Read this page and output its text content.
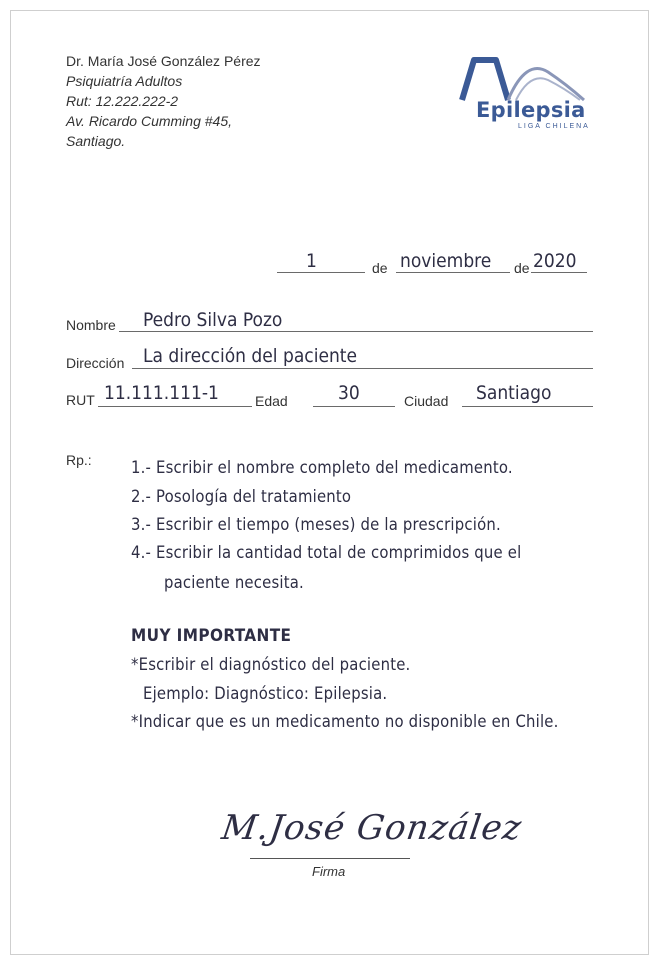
Dr. María José González Pérez
Psiquiatría Adultos
Rut: 12.222.222-2
Av. Ricardo Cumming #45,
Santiago.
Epilepsia
LIGA CHILENA
1	de noviembre de 2020
Nombre Pedro Silva Pozo
Dirección La dirección del paciente
RUT 11.111.111-1	Edad	30	Ciudad Santiago
Rp.: 1.- Escribir el nombre completo del medicamento.
2.- Posología del tratamiento
3.- Escribir el tiempo (meses) de la prescripción.
4.- Escribir la cantidad total de comprimidos que el
paciente necesita.
MUY IMPORTANTE
*Escribir el diagnóstico del paciente.
Ejemplo: Diagnóstico: Epilepsia.
*Indicar que es un medicamento no disponible en Chile.
M.José González
Firma
